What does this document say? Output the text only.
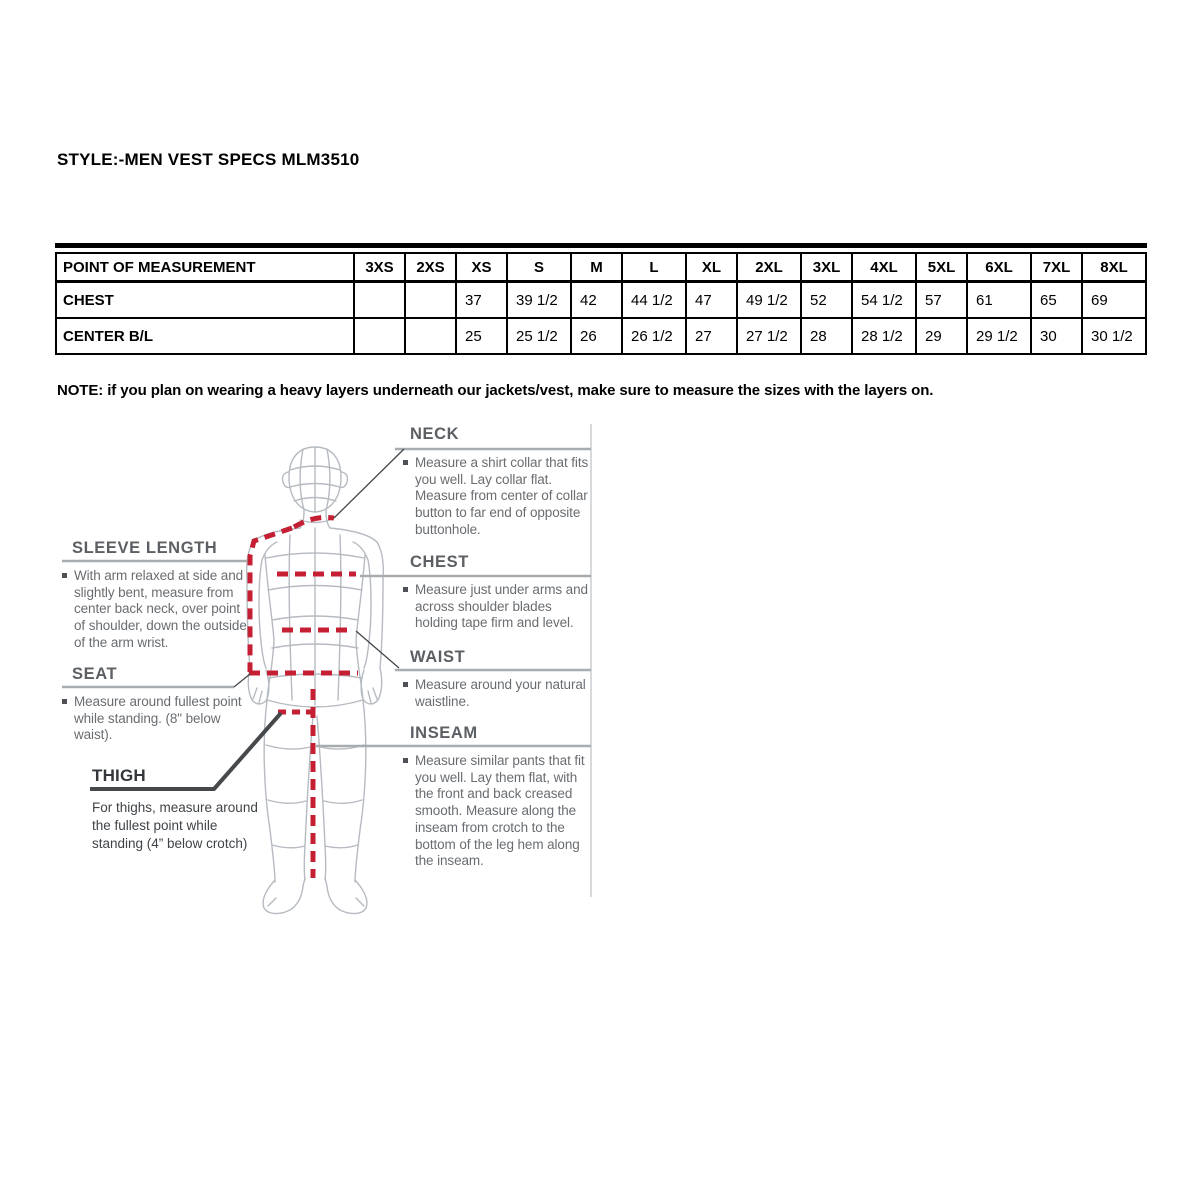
STYLE:-MEN VEST SPECS MLM3510
POINT OF MEASUREMENT	3XS	2XS	XS	S	M	L	XL	2XL	3XL	4XL	5XL	6XL	7XL	8XL
CHEST			37	39 1/2	42	44 1/2	47	49 1/2	52	54 1/2	57	61	65	69
CENTER B/L			25	25 1/2	26	26 1/2	27	27 1/2	28	28 1/2	29	29 1/2	30	30 1/2
NOTE: if you plan on wearing a heavy layers underneath our jackets/vest, make sure to measure the sizes with the layers on.
SLEEVE LENGTH
With arm relaxed at side and slightly bent, measure from center back neck, over point of shoulder, down the outside of the arm wrist.
SEAT
Measure around fullest point while standing. (8" below waist).
THIGH
For thighs, measure around the fullest point while standing (4” below crotch)
NECK
Measure a shirt collar that fits you well. Lay collar flat. Measure from center of collar button to far end of opposite buttonhole.
CHEST
Measure just under arms and across shoulder blades holding tape firm and level.
WAIST
Measure around your natural waistline.
INSEAM
Measure similar pants that fit you well. Lay them flat, with the front and back creased smooth. Measure along the inseam from crotch to the bottom of the leg hem along the inseam.
